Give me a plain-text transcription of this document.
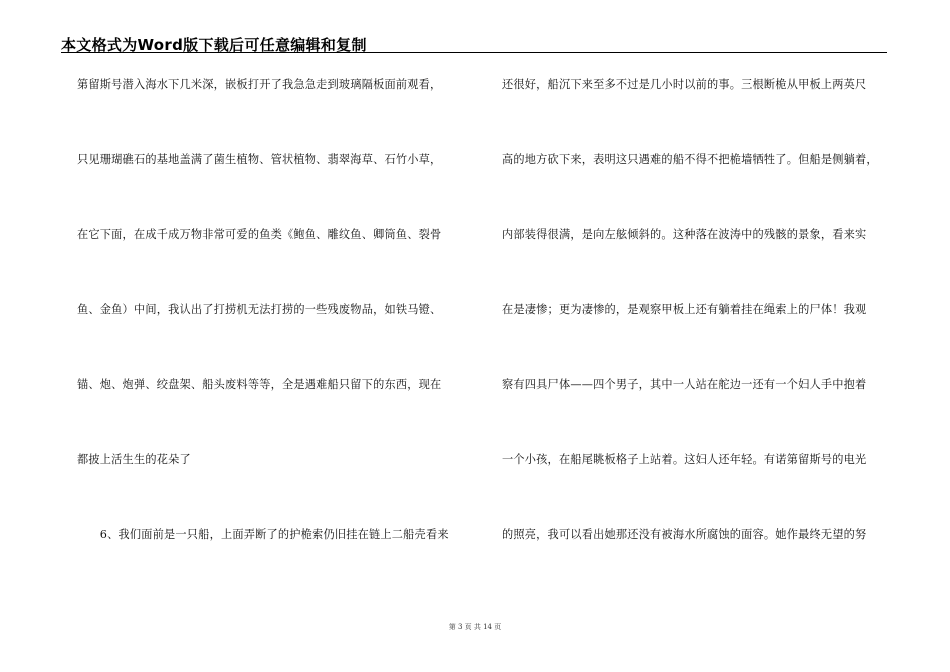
本文格式为Word版下载后可任意编辑和复制
第留斯号潜入海水下几米深，嵌板打开了我急急走到玻璃隔板面前观看，
只见珊瑚礁石的基地盖满了菌生植物、管状植物、翡翠海草、石竹小草，
在它下面，在成千成万物非常可爱的鱼类《鲍鱼、雕纹鱼、卿筒鱼、裂骨
鱼、金鱼）中间，我认出了打捞机无法打捞的一些残废物品，如铁马镫、
锚、炮、炮弹、绞盘架、船头废料等等，全是遇难船只留下的东西，现在
都披上活生生的花朵了
　　6、我们面前是一只船，上面弄断了的护桅索仍旧挂在链上二船壳看来
还很好，船沉下来至多不过是几小时以前的事。三根断桅从甲板上两英尺
高的地方砍下来，表明这只遇难的船不得不把桅墙牺牲了。但船是侧躺着，
内部装得很满，是向左舷倾斜的。这种落在波涛中的残骸的景象，看来实
在是凄惨；更为凄惨的，是观察甲板上还有躺着挂在绳索上的尸体！我观
察有四具尸体——四个男子，其中一人站在舵边一还有一个妇人手中抱着
一个小孩，在船尾眺板格子上站着。这妇人还年轻。有诺第留斯号的电光
的照亮，我可以看出她那还没有被海水所腐蚀的面容。她作最终无望的努
第 3 页 共 14 页
